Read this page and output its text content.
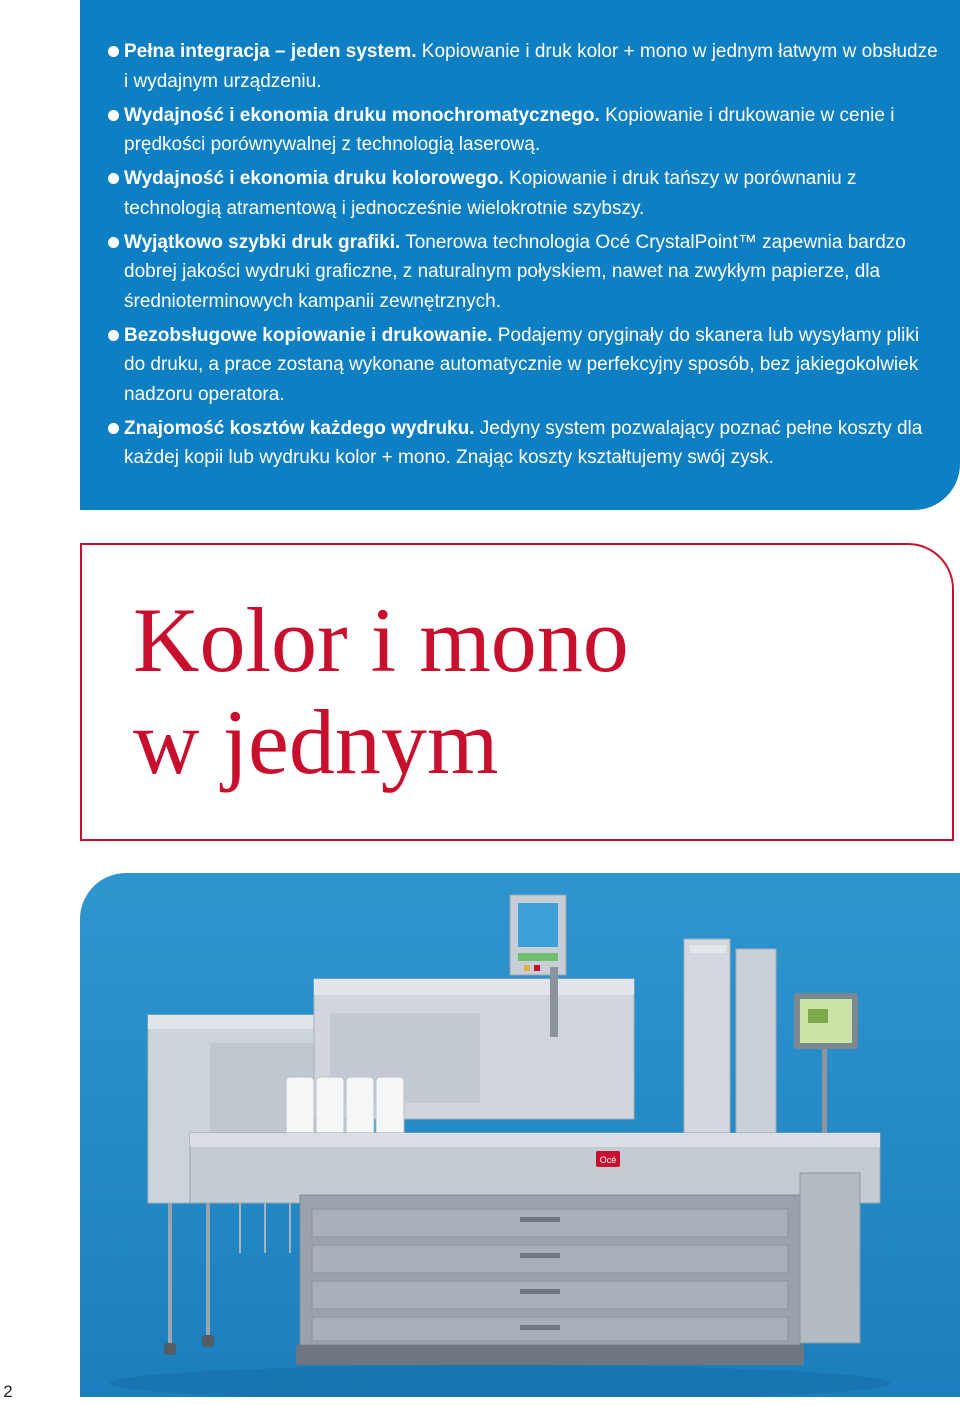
Pełna integracja – jeden system. Kopiowanie i druk kolor + mono w jednym łatwym w obsłudze i wydajnym urządzeniu.
Wydajność i ekonomia druku monochromatycznego. Kopiowanie i drukowanie w cenie i prędkości porównywalnej z technologią laserową.
Wydajność i ekonomia druku kolorowego. Kopiowanie i druk tańszy w porównaniu z technologią atramentową i jednocześnie wielokrotnie szybszy.
Wyjątkowo szybki druk grafiki. Tonerowa technologia Océ CrystalPoint™ zapewnia bardzo dobrej jakości wydruki graficzne, z naturalnym połyskiem, nawet na zwykłym papierze, dla średnioterminowych kampanii zewnętrznych.
Bezobsługowe kopiowanie i drukowanie. Podajemy oryginały do skanera lub wysyłamy pliki do druku, a prace zostaną wykonane automatycznie w perfekcyjny sposób, bez jakiegokolwiek nadzoru operatora.
Znajomość kosztów każdego wydruku. Jedyny system pozwalający poznać pełne koszty dla każdej kopii lub wydruku kolor + mono. Znając koszty kształtujemy swój zysk.
Kolor i mono
w jednym
Océ
2
